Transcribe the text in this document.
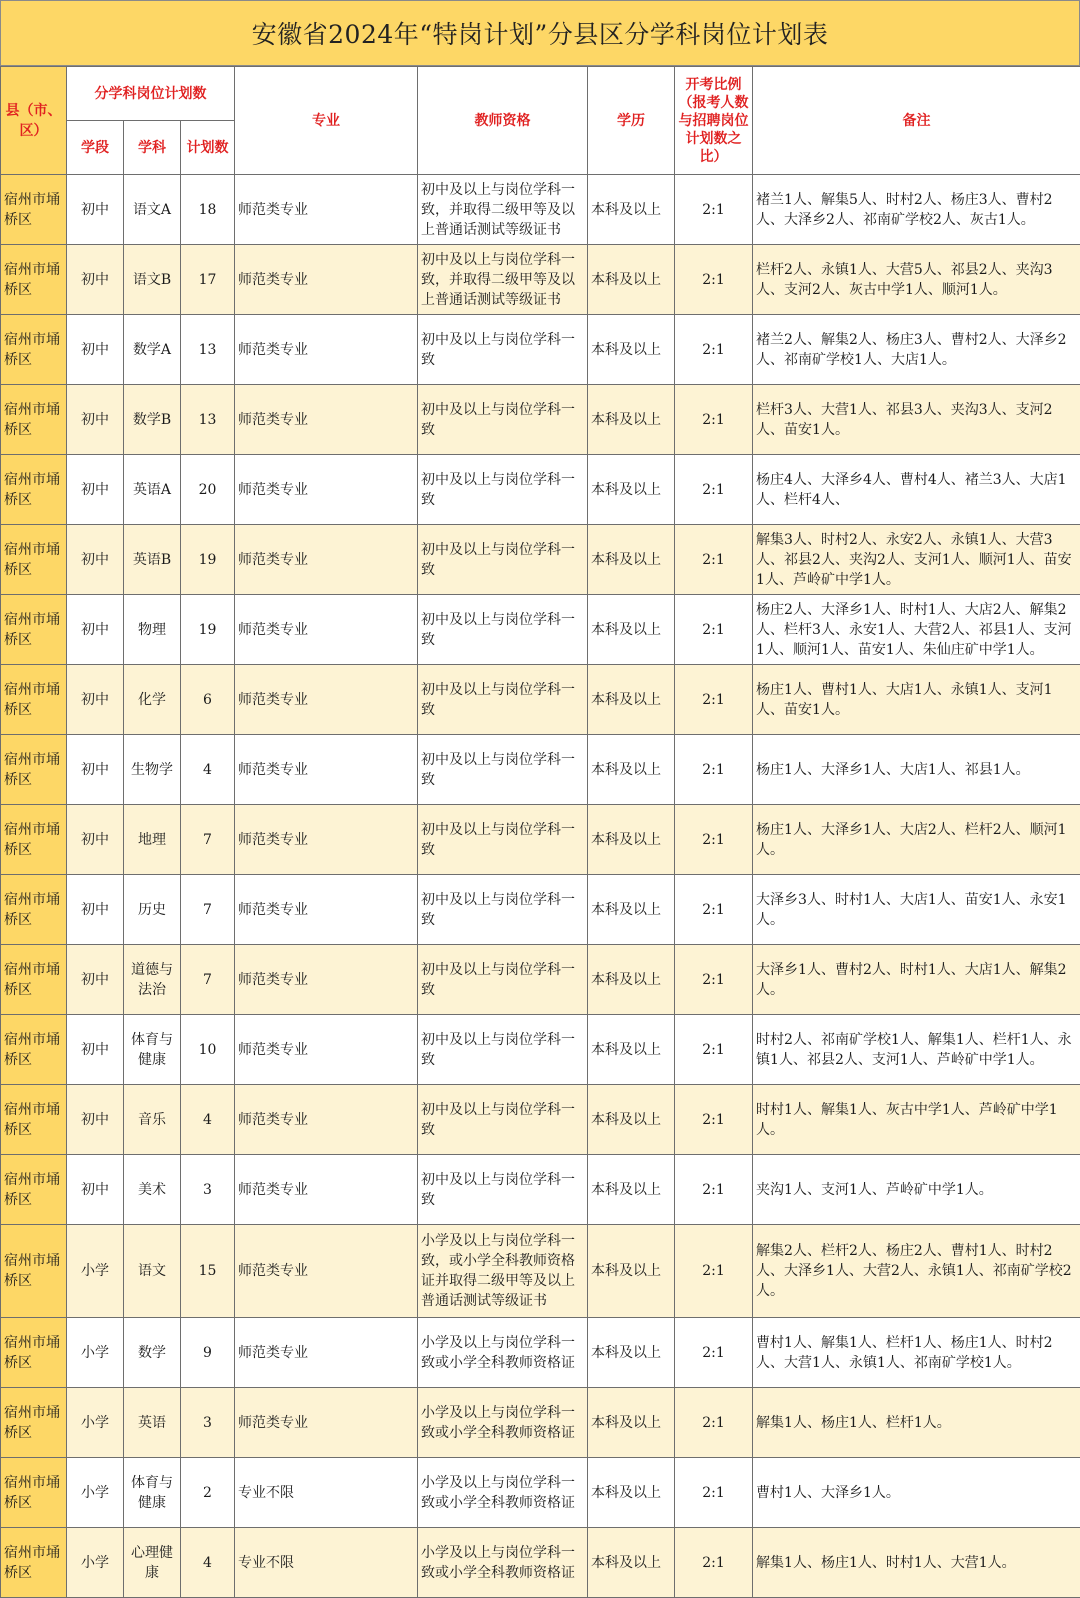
安徽省2024年“特岗计划”分县区分学科岗位计划表
县（市、区）	分学科岗位计划数			专业	教师资格	学历	开考比例（报考人数与招聘岗位计划数之比）	备注
	学段	学科	计划数					
宿州市埇桥区	初中	语文A	18	师范类专业	初中及以上与岗位学科一致，并取得二级甲等及以上普通话测试等级证书	本科及以上	2:1	褚兰1人、解集5人、时村2人、杨庄3人、曹村2人、大泽乡2人、祁南矿学校2人、灰古1人。

宿州市埇桥区	初中	语文B	17	师范类专业	初中及以上与岗位学科一致，并取得二级甲等及以上普通话测试等级证书	本科及以上	2:1	栏杆2人、永镇1人、大营5人、祁县2人、夹沟3人、支河2人、灰古中学1人、顺河1人。

宿州市埇桥区	初中	数学A	13	师范类专业	初中及以上与岗位学科一致	本科及以上	2:1	褚兰2人、解集2人、杨庄3人、曹村2人、大泽乡2人、祁南矿学校1人、大店1人。

宿州市埇桥区	初中	数学B	13	师范类专业	初中及以上与岗位学科一致	本科及以上	2:1	栏杆3人、大营1人、祁县3人、夹沟3人、支河2人、苗安1人。

宿州市埇桥区	初中	英语A	20	师范类专业	初中及以上与岗位学科一致	本科及以上	2:1	杨庄4人、大泽乡4人、曹村4人、褚兰3人、大店1人、栏杆4人、

宿州市埇桥区	初中	英语B	19	师范类专业	初中及以上与岗位学科一致	本科及以上	2:1	解集3人、时村2人、永安2人、永镇1人、大营3人、祁县2人、夹沟2人、支河1人、顺河1人、苗安1人、芦岭矿中学1人。

宿州市埇桥区	初中	物理	19	师范类专业	初中及以上与岗位学科一致	本科及以上	2:1	杨庄2人、大泽乡1人、时村1人、大店2人、解集2人、栏杆3人、永安1人、大营2人、祁县1人、支河1人、顺河1人、苗安1人、朱仙庄矿中学1人。

宿州市埇桥区	初中	化学	6	师范类专业	初中及以上与岗位学科一致	本科及以上	2:1	杨庄1人、曹村1人、大店1人、永镇1人、支河1人、苗安1人。

宿州市埇桥区	初中	生物学	4	师范类专业	初中及以上与岗位学科一致	本科及以上	2:1	杨庄1人、大泽乡1人、大店1人、祁县1人。

宿州市埇桥区	初中	地理	7	师范类专业	初中及以上与岗位学科一致	本科及以上	2:1	杨庄1人、大泽乡1人、大店2人、栏杆2人、顺河1人。

宿州市埇桥区	初中	历史	7	师范类专业	初中及以上与岗位学科一致	本科及以上	2:1	大泽乡3人、时村1人、大店1人、苗安1人、永安1人。

宿州市埇桥区	初中	道德与法治	7	师范类专业	初中及以上与岗位学科一致	本科及以上	2:1	大泽乡1人、曹村2人、时村1人、大店1人、解集2人。

宿州市埇桥区	初中	体育与健康	10	师范类专业	初中及以上与岗位学科一致	本科及以上	2:1	时村2人、祁南矿学校1人、解集1人、栏杆1人、永镇1人、祁县2人、支河1人、芦岭矿中学1人。

宿州市埇桥区	初中	音乐	4	师范类专业	初中及以上与岗位学科一致	本科及以上	2:1	时村1人、解集1人、灰古中学1人、芦岭矿中学1人。

宿州市埇桥区	初中	美术	3	师范类专业	初中及以上与岗位学科一致	本科及以上	2:1	夹沟1人、支河1人、芦岭矿中学1人。

宿州市埇桥区	小学	语文	15	师范类专业	小学及以上与岗位学科一致，或小学全科教师资格证并取得二级甲等及以上普通话测试等级证书	本科及以上	2:1	解集2人、栏杆2人、杨庄2人、曹村1人、时村2人、大泽乡1人、大营2人、永镇1人、祁南矿学校2人。

宿州市埇桥区	小学	数学	9	师范类专业	小学及以上与岗位学科一致或小学全科教师资格证	本科及以上	2:1	曹村1人、解集1人、栏杆1人、杨庄1人、时村2人、大营1人、永镇1人、祁南矿学校1人。

宿州市埇桥区	小学	英语	3	师范类专业	小学及以上与岗位学科一致或小学全科教师资格证	本科及以上	2:1	解集1人、杨庄1人、栏杆1人。

宿州市埇桥区	小学	体育与健康	2	专业不限	小学及以上与岗位学科一致或小学全科教师资格证	本科及以上	2:1	曹村1人、大泽乡1人。

宿州市埇桥区	小学	心理健康	4	专业不限	小学及以上与岗位学科一致或小学全科教师资格证	本科及以上	2:1	解集1人、杨庄1人、时村1人、大营1人。
